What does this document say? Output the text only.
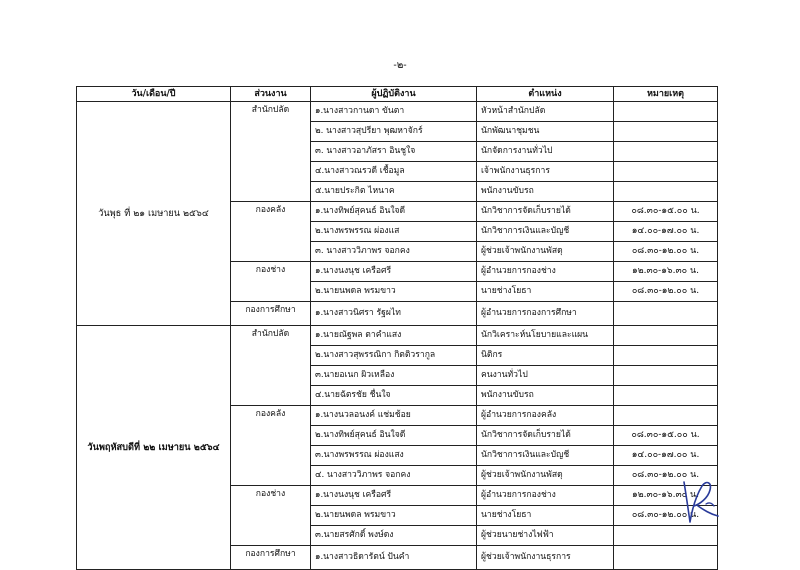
-๒-
วัน/เดือน/ปี	ส่วนงาน	ผู้ปฏิบัติงาน	ตำแหน่ง	หมายเหตุ
วันพุธ ที่ ๒๑ เมษายน ๒๕๖๔	สำนักปลัด	๑.นางสาวกานดา ขันตา	หัวหน้าสำนักปลัด	
		๒. นางสาวสุปรียา พุฒหาจักร์	นักพัฒนาชุมชน	
		๓. นางสาวอาภัสรา อินชูใจ	นักจัดการงานทั่วไป	
		๔.นางสาวณรวดี เชื้อมูล	เจ้าพนักงานธุรการ	
		๕.นายประกิต ไหนาค	พนักงานขับรถ	
	กองคลัง	๑.นางทิพย์สุคนธ์ อินใจดี	นักวิชาการจัดเก็บรายได้	๐๘.๓๐-๑๕.๐๐ น.
		๒.นางพรพรรณ ผ่องแส	นักวิชาการเงินและบัญชี	๑๔.๐๐-๑๗.๐๐ น.
		๓. นางสาววิภาพร จอกคง	ผู้ช่วยเจ้าพนักงานพัสดุ	๐๘.๓๐-๑๒.๐๐ น.
	กองช่าง	๑.นางนงนุช เครือศรี	ผู้อำนวยการกองช่าง	๑๒.๓๐-๑๖.๓๐ น.
		๒.นายนพดล พรมขาว	นายช่างโยธา	๐๘.๓๐-๑๒.๐๐ น.
	กองการศึกษา	๑.นางสาวนิศรา รัฐผไท	ผู้อำนวยการกองการศึกษา	
วันพฤหัสบดีที่ ๒๒ เมษายน ๒๕๖๔	สำนักปลัด	๑.นายณัฐพล ตาคำแสง	นักวิเคราะห์นโยบายและแผน	
		๒.นางสาวสุพรรณิกา กิตติวรากูล	นิติกร	
		๓.นายอเนก ผิวเหลือง	คนงานทั่วไป	
		๔.นายฉัตรชัย ชื่นใจ	พนักงานขับรถ	
	กองคลัง	๑.นางนวลอนงค์ แช่มช้อย	ผู้อำนวยการกองคลัง	
		๒.นางทิพย์สุคนธ์ อินใจดี	นักวิชาการจัดเก็บรายได้	๐๘.๓๐-๑๕.๐๐ น.
		๓.นางพรพรรณ ผ่องแสง	นักวิชาการเงินและบัญชี	๑๔.๐๐-๑๗.๐๐ น.
		๔. นางสาววิภาพร จอกคง	ผู้ช่วยเจ้าพนักงานพัสดุ	๐๘.๓๐-๑๒.๐๐ น.
	กองช่าง	๑.นางนงนุช เครือศรี	ผู้อำนวยการกองช่าง	๑๒.๓๐-๑๖.๓๐ น.
		๒.นายนพดล พรมขาว	นายช่างโยธา	๐๘.๓๐-๑๒.๐๐ น.
		๓.นายสรศักดิ์ พงษ์ดง	ผู้ช่วยนายช่างไฟฟ้า	
	กองการศึกษา	๑.นางสาวธิดารัตน์ ปันคำ	ผู้ช่วยเจ้าพนักงานธุรการ	
